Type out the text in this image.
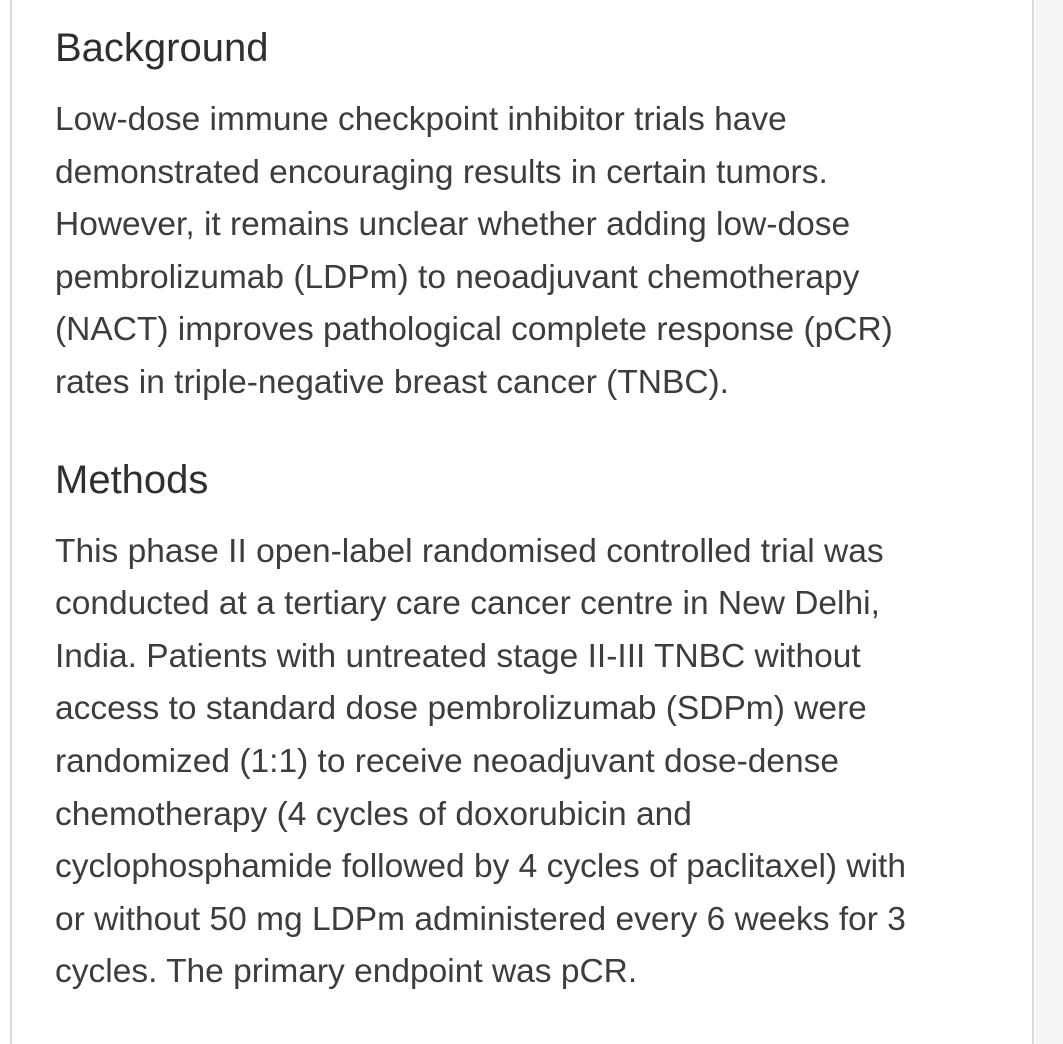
Background
Low-dose immune checkpoint inhibitor trials have
demonstrated encouraging results in certain tumors.
However, it remains unclear whether adding low-dose
pembrolizumab (LDPm) to neoadjuvant chemotherapy
(NACT) improves pathological complete response (pCR)
rates in triple-negative breast cancer (TNBC).
Methods
This phase II open-label randomised controlled trial was
conducted at a tertiary care cancer centre in New Delhi,
India. Patients with untreated stage II-III TNBC without
access to standard dose pembrolizumab (SDPm) were
randomized (1:1) to receive neoadjuvant dose-dense
chemotherapy (4 cycles of doxorubicin and
cyclophosphamide followed by 4 cycles of paclitaxel) with
or without 50 mg LDPm administered every 6 weeks for 3
cycles. The primary endpoint was pCR.
